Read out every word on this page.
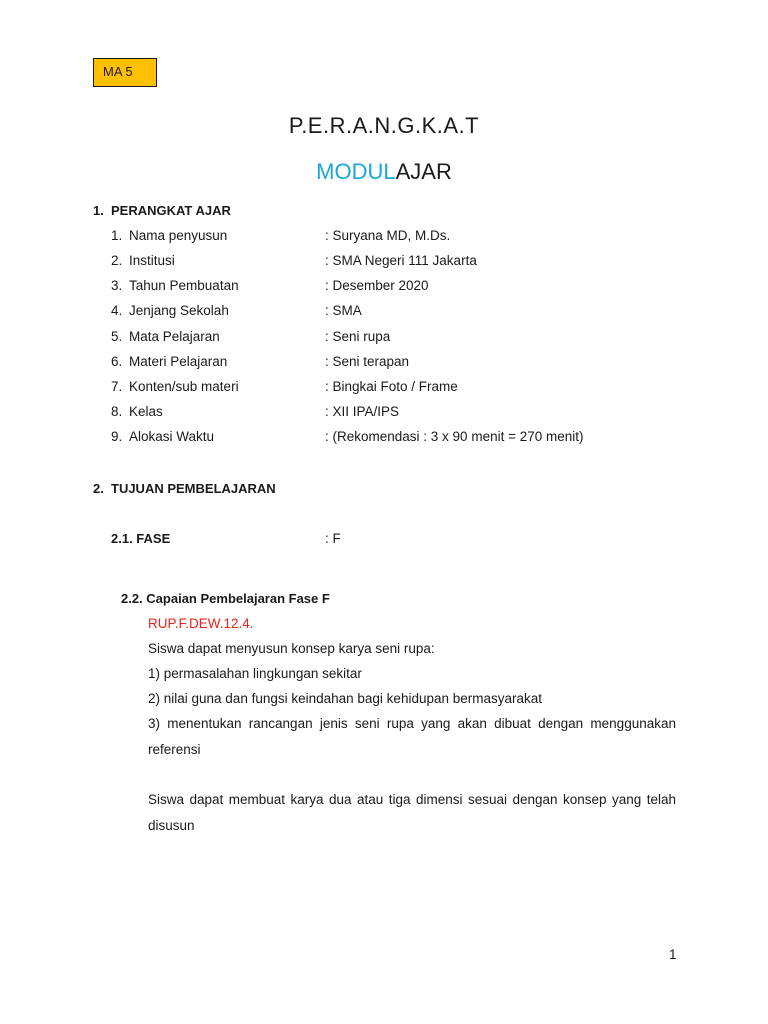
MA 5
P.E.R.A.N.G.K.A.T
MODULAJAR
1. PERANGKAT AJAR
1. Nama penyusun	: Suryana MD, M.Ds.
2. Institusi	: SMA Negeri 111 Jakarta
3. Tahun Pembuatan	: Desember 2020
4. Jenjang Sekolah	: SMA
5. Mata Pelajaran	: Seni rupa
6. Materi Pelajaran	: Seni terapan
7. Konten/sub materi	: Bingkai Foto / Frame
8. Kelas	: XII IPA/IPS
9. Alokasi Waktu	: (Rekomendasi : 3 x 90 menit = 270 menit)
2. TUJUAN PEMBELAJARAN
2.1. FASE	: F
2.2. Capaian Pembelajaran Fase F
RUP.F.DEW.12.4.
Siswa dapat menyusun konsep karya seni rupa:
1) permasalahan lingkungan sekitar
2) nilai guna dan fungsi keindahan bagi kehidupan bermasyarakat
3) menentukan rancangan jenis seni rupa yang akan dibuat dengan menggunakan referensi
Siswa dapat membuat karya dua atau tiga dimensi sesuai dengan konsep yang telah disusun
1
